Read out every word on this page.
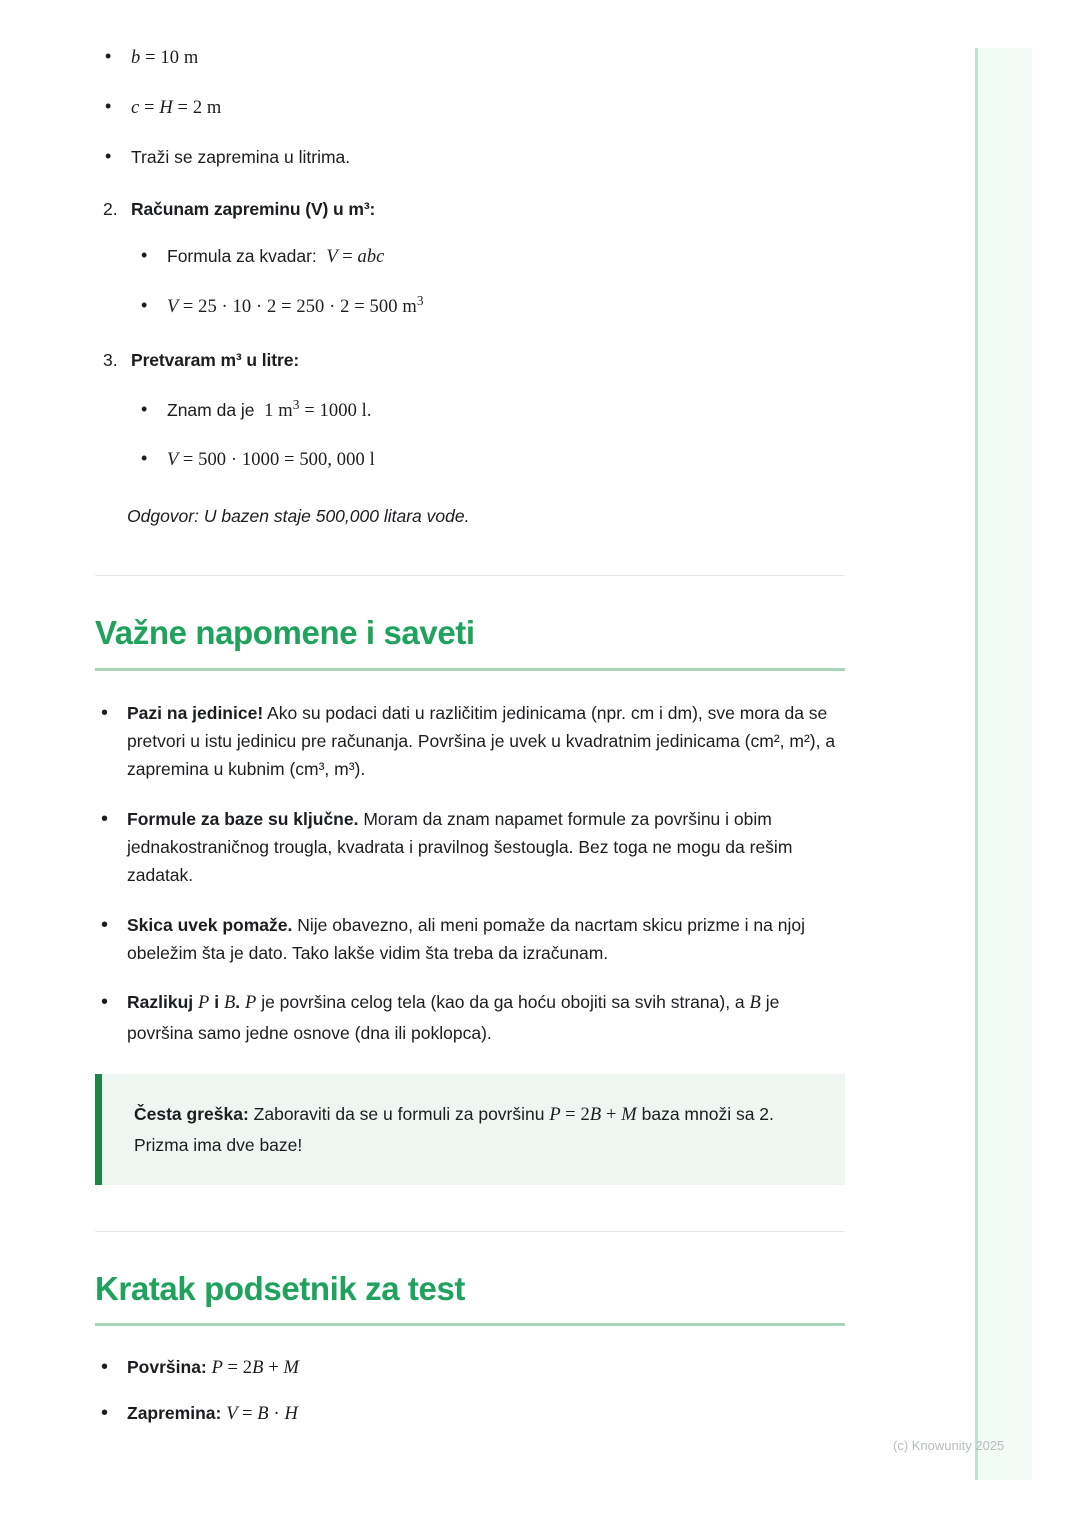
• b = 10 m
• c = H = 2 m
• Traži se zapremina u litrima.
2. Računam zapreminu (V) u m³:
• Formula za kvadar: V = abc
• V = 25 · 10 · 2 = 250 · 2 = 500 $m^3$
3. Pretvaram m³ u litre:
• Znam da je 1 $m^3 = 1000$ l.
• V = 500 · 1000 = 500, 000 l

Odgovor: U bazen staje 500,000 litara vode.

Važne napomene i saveti
• Pazi na jedinice! Ako su podaci dati u različitim jedinicama (npr. cm i dm), sve mora da se pretvori u istu jedinicu pre računanja. Površina je uvek u kvadratnim jedinicama (cm², m²), a zapremina u kubnim (cm³, m³).
• Formule za baze su ključne. Moram da znam napamet formule za površinu i obim jednakostraničnog trougla, kvadrata i pravilnog šestougla. Bez toga ne mogu da rešim zadatak.
• Skica uvek pomaže. Nije obavezno, ali meni pomaže da nacrtam skicu prizme i na njoj obeležim šta je dato. Tako lakše vidim šta treba da izračunam.
• Razlikuj P i B. P je površina celog tela (kao da ga hoću obojiti sa svih strana), a B je površina samo jedne osnove (dna ili poklopca).
Česta greška: Zaboraviti da se u formuli za površinu P = 2B + M baza množi sa 2. Prizma ima dve baze!
Kratak podsetnik za test
• Površina: P = 2B + M
• Zapremina: V = B · H
(c) Knowunity 2025
